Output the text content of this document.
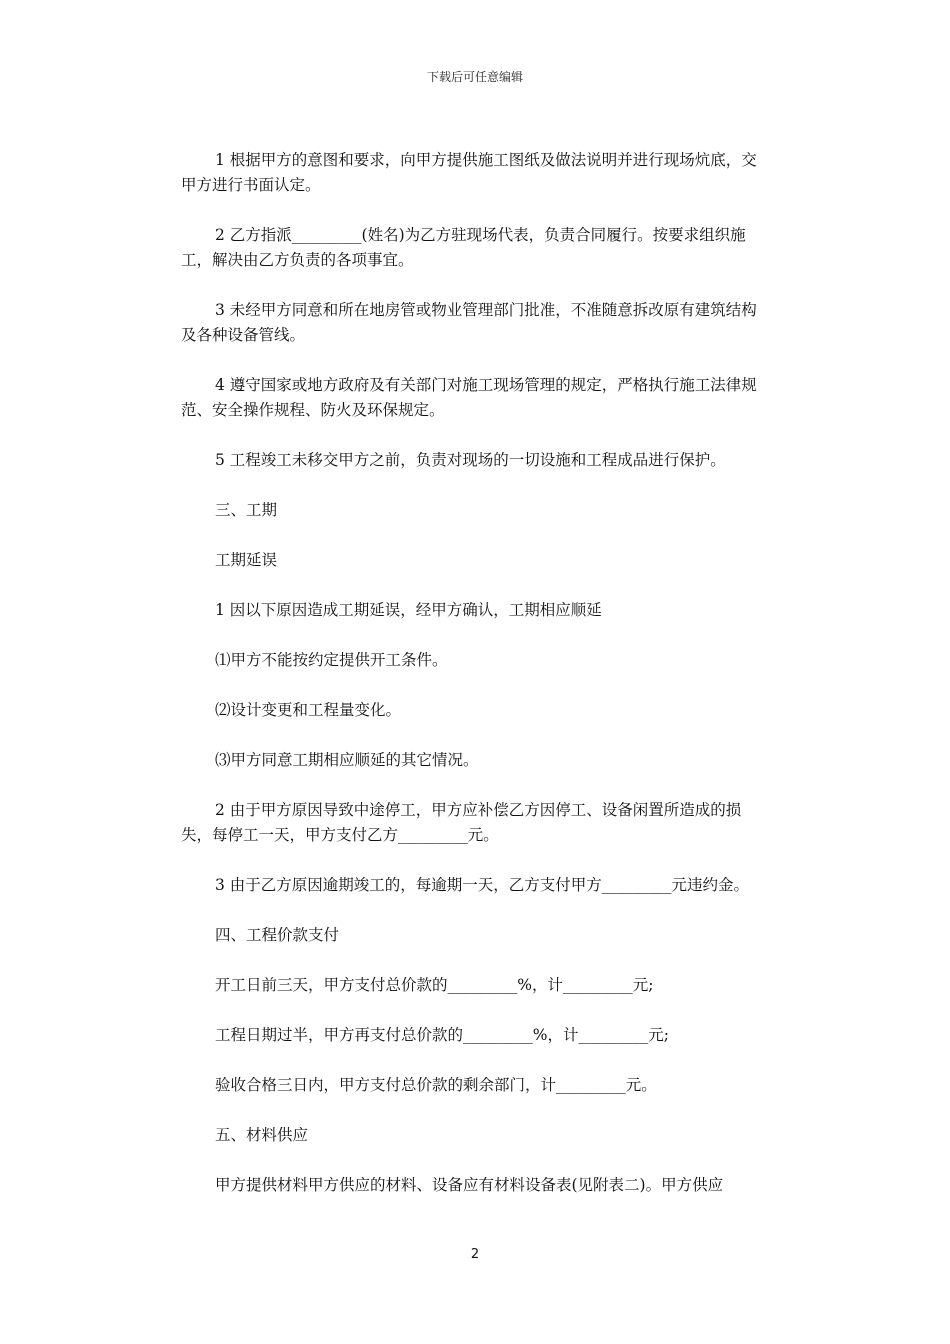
下载后可任意编辑

1 根据甲方的意图和要求，向甲方提供施工图纸及做法说明并进行现场炕底，交甲方进行书面认定。

2 乙方指派_________(姓名)为乙方驻现场代表，负责合同履行。按要求组织施工，解决由乙方负责的各项事宜。

3 未经甲方同意和所在地房管或物业管理部门批准，不准随意拆改原有建筑结构及各种设备管线。

4 遵守国家或地方政府及有关部门对施工现场管理的规定，严格执行施工法律规范、安全操作规程、防火及环保规定。

5 工程竣工未移交甲方之前，负责对现场的一切设施和工程成品进行保护。

三、工期

工期延误

1 因以下原因造成工期延误，经甲方确认，工期相应顺延

⑴甲方不能按约定提供开工条件。

⑵设计变更和工程量变化。

⑶甲方同意工期相应顺延的其它情况。

2 由于甲方原因导致中途停工，甲方应补偿乙方因停工、设备闲置所造成的损失，每停工一天，甲方支付乙方_________元。

3 由于乙方原因逾期竣工的，每逾期一天，乙方支付甲方_________元违约金。

四、工程价款支付

开工日前三天，甲方支付总价款的_________%，计_________元;

工程日期过半，甲方再支付总价款的_________%，计_________元;

验收合格三日内，甲方支付总价款的剩余部门，计_________元。

五、材料供应

甲方提供材料甲方供应的材料、设备应有材料设备表(见附表二)。甲方供应

2
